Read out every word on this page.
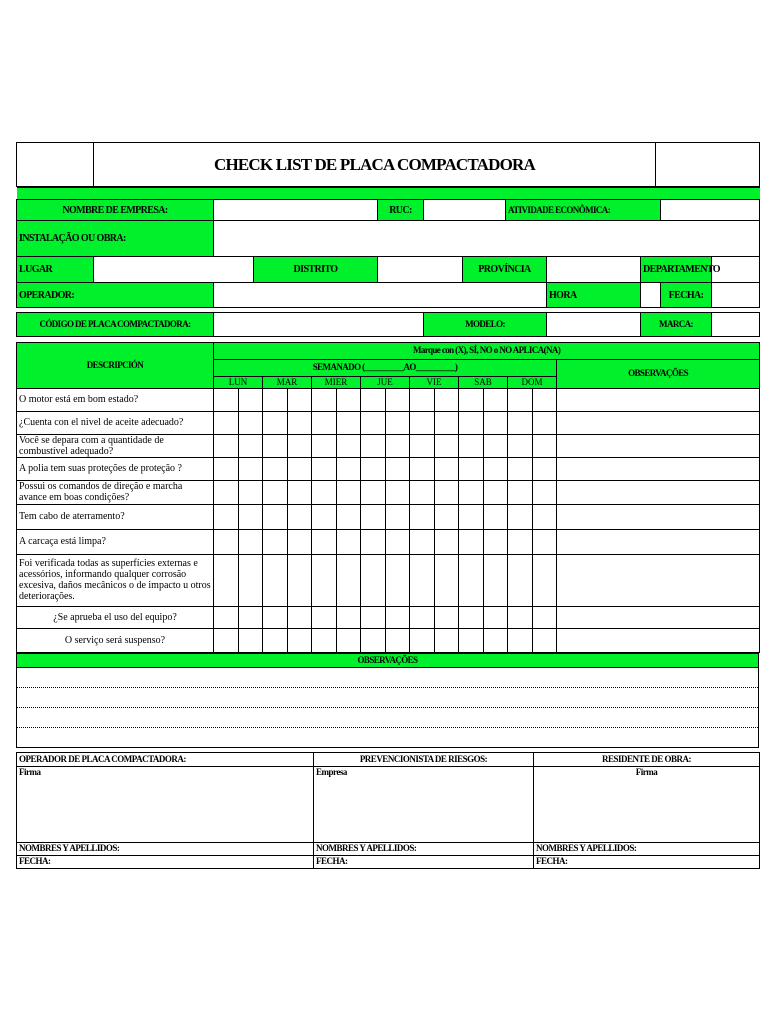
	CHECK LIST DE PLACA COMPACTADORA	

NOMBRE DE EMPRESA:				RUC:			ATIVIDADE ECONÔMICA:				
INSTALAÇÃO OU OBRA:											
LUGAR			DISTRITO			PROVÍNCIA			DEPARTAMENTO		
OPERADOR:								HORA		FECHA:	

CÓDIGO DE PLACA COMPACTADORA:					MODELO:				MARCA:		

DESCRIPCIÓN	Marque con (X), SÍ, NO o NO APLICA(NA)														
	SEMANADO (__________AO__________)														OBSERVAÇÕES
	LUN		MAR		MIER		JUE		VIE		SAB		DOM		
O motor está em bom estado?															
¿Cuenta con el nivel de aceite adecuado?															
Você se depara com a quantidade de combustível adequado?															
A polia tem suas proteções de proteção ?															
Possui os comandos de direção e marcha avance em boas condições?															
Tem cabo de aterramento?															
A carcaça está limpa?															
Foi verificada todas as superfícies externas e acessórios, informando qualquer corrosão excesiva, daños mecânicos o de impacto u otros deteriorações.															
¿Se aprueba el uso del equipo?															
O serviço será suspenso?															
OBSERVAÇÕES

OPERADOR DE PLACA COMPACTADORA:	PREVENCIONISTA DE RIESGOS:	RESIDENTE DE OBRA:
Firma	Empresa	Firma
NOMBRES Y APELLIDOS:	NOMBRES Y APELLIDOS:	NOMBRES Y APELLIDOS:
FECHA:	FECHA:	FECHA:
